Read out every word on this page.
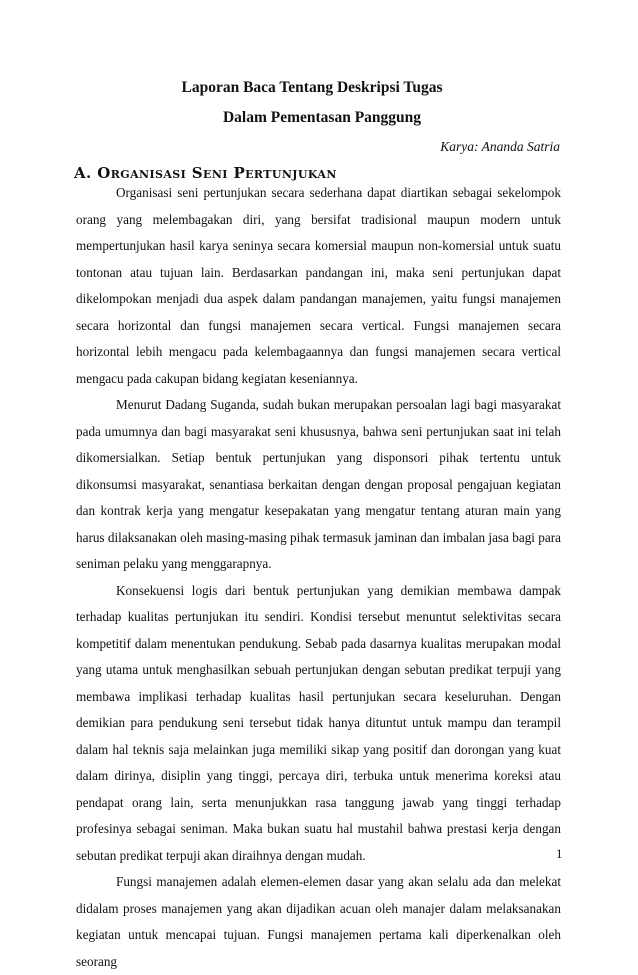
Laporan Baca Tentang Deskripsi Tugas
Dalam Pementasan Panggung
Karya: Ananda Satria
A. Organisasi Seni Pertunjukan

Organisasi seni pertunjukan secara sederhana dapat diartikan sebagai sekelompok orang yang melembagakan diri, yang bersifat tradisional maupun modern untuk mempertunjukan hasil karya seninya secara komersial maupun non-komersial untuk suatu tontonan atau tujuan lain. Berdasarkan pandangan ini, maka seni pertunjukan dapat dikelompokan menjadi dua aspek dalam pandangan manajemen, yaitu fungsi manajemen secara horizontal dan fungsi manajemen secara vertical. Fungsi manajemen secara horizontal lebih mengacu pada kelembagaannya dan fungsi manajemen secara vertical mengacu pada cakupan bidang kegiatan keseniannya.

Menurut Dadang Suganda, sudah bukan merupakan persoalan lagi bagi masyarakat pada umumnya dan bagi masyarakat seni khususnya, bahwa seni pertunjukan saat ini telah dikomersialkan. Setiap bentuk pertunjukan yang disponsori pihak tertentu untuk dikonsumsi masyarakat, senantiasa berkaitan dengan dengan proposal pengajuan kegiatan dan kontrak kerja yang mengatur kesepakatan yang mengatur tentang aturan main yang harus dilaksanakan oleh masing-masing pihak termasuk jaminan dan imbalan jasa bagi para seniman pelaku yang menggarapnya.

Konsekuensi logis dari bentuk pertunjukan yang demikian membawa dampak terhadap kualitas pertunjukan itu sendiri. Kondisi tersebut menuntut selektivitas secara kompetitif dalam menentukan pendukung. Sebab pada dasarnya kualitas merupakan modal yang utama untuk menghasilkan sebuah pertunjukan dengan sebutan predikat terpuji yang membawa implikasi terhadap kualitas hasil pertunjukan secara keseluruhan. Dengan demikian para pendukung seni tersebut tidak hanya dituntut untuk mampu dan terampil dalam hal teknis saja melainkan juga memiliki sikap yang positif dan dorongan yang kuat dalam dirinya, disiplin yang tinggi, percaya diri, terbuka untuk menerima koreksi atau pendapat orang lain, serta menunjukkan rasa tanggung jawab yang tinggi terhadap profesinya sebagai seniman. Maka bukan suatu hal mustahil bahwa prestasi kerja dengan sebutan predikat terpuji akan diraihnya dengan mudah.

Fungsi manajemen adalah elemen-elemen dasar yang akan selalu ada dan melekat didalam proses manajemen yang akan dijadikan acuan oleh manajer dalam melaksanakan kegiatan untuk mencapai tujuan. Fungsi manajemen pertama kali diperkenalkan oleh seorang

1
